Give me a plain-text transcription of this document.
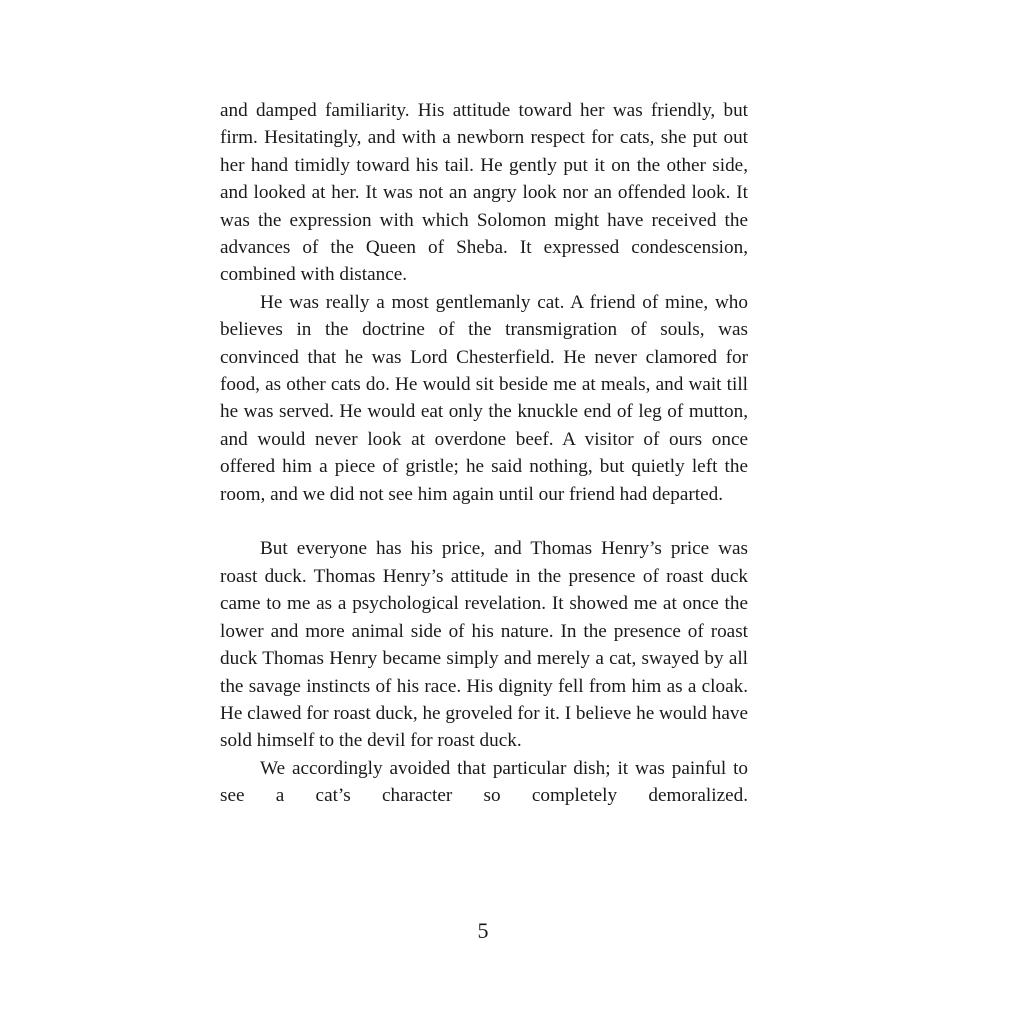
and damped familiarity. His attitude toward her was friendly, but firm. Hesitatingly, and with a newborn respect for cats, she put out her hand timidly toward his tail. He gently put it on the other side, and looked at her. It was not an angry look nor an offended look. It was the expression with which Solomon might have received the advances of the Queen of Sheba. It expressed condescension, combined with distance.

He was really a most gentlemanly cat. A friend of mine, who believes in the doctrine of the transmigration of souls, was convinced that he was Lord Chesterfield. He never clamored for food, as other cats do. He would sit beside me at meals, and wait till he was served. He would eat only the knuckle end of leg of mutton, and would never look at overdone beef. A visitor of ours once offered him a piece of gristle; he said nothing, but quietly left the room, and we did not see him again until our friend had departed.

But everyone has his price, and Thomas Henry’s price was roast duck. Thomas Henry’s attitude in the presence of roast duck came to me as a psychological revelation. It showed me at once the lower and more animal side of his nature. In the presence of roast duck Thomas Henry became simply and merely a cat, swayed by all the savage instincts of his race. His dignity fell from him as a cloak. He clawed for roast duck, he groveled for it. I believe he would have sold himself to the devil for roast duck.

We accordingly avoided that particular dish; it was painful to see a cat’s character so completely demoralized.

5
